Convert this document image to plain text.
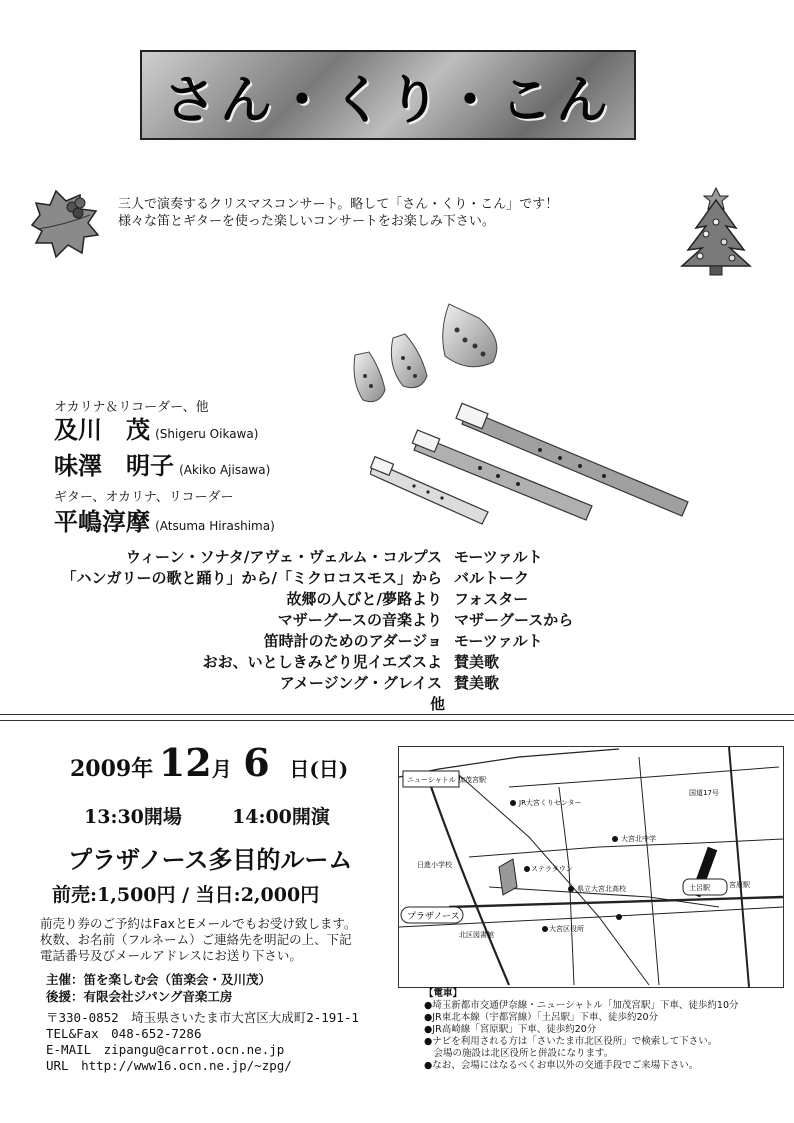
さん・くり・こん
三人で演奏するクリスマスコンサート。略して「さん・くり・こん」です！
様々な笛とギターを使った楽しいコンサートをお楽しみ下さい。
オカリナ＆リコーダー、他
及川　茂 (Shigeru Oikawa)
味澤　明子 (Akiko Ajisawa)
ギター、オカリナ、リコーダー
平嶋淳摩 (Atsuma Hirashima)
ウィーン・ソナタ/アヴェ・ヴェルム・コルプス モーツァルト
「ハンガリーの歌と踊り」から/「ミクロコスモス」から バルトーク
故郷の人びと/夢路より フォスター
マザーグースの音楽より マザーグースから
笛時計のためのアダージョ モーツァルト
おお、いとしきみどり児イエズスよ 賛美歌
アメージング・グレイス 賛美歌
他
2009年 12月 6 日(日)
13:30開場	14:00開演
プラザノース多目的ルーム
前売:1,500円 / 当日:2,000円
前売り券のご予約はFaxとEメールでもお受け致します。
枚数、お名前（フルネーム）ご連絡先を明記の上、下記
電話番号及びメールアドレスにお送り下さい。
主催：笛を楽しむ会（笛楽会・及川茂）
後援：有限会社ジパング音楽工房
〒330-0852　埼玉県さいたま市大宮区大成町2-191-1
TEL&Fax　048-652-7286
E-MAIL　zipangu@carrot.ocn.ne.jp
URL　http://www16.ocn.ne.jp/~zpg/
ニューシャトル 加茂宮駅
プラザノース
JR大宮くりセンター
大宮北中学
ステラタウン
県立大宮北高校
北区図書館
大宮区役所
土呂駅
国道17号
宮原駅
日進小学校
【電車】
●埼玉新都市交通伊奈線・ニューシャトル「加茂宮駅」下車、徒歩約10分
●JR東北本線（宇都宮線）「土呂駅」下車、徒歩約20分
●JR高崎線「宮原駅」下車、徒歩約20分
●ナビを利用される方は「さいたま市北区役所」で検索して下さい。
　会場の施設は北区役所と併設になります。
●なお、会場にはなるべくお車以外の交通手段でご来場下さい。
